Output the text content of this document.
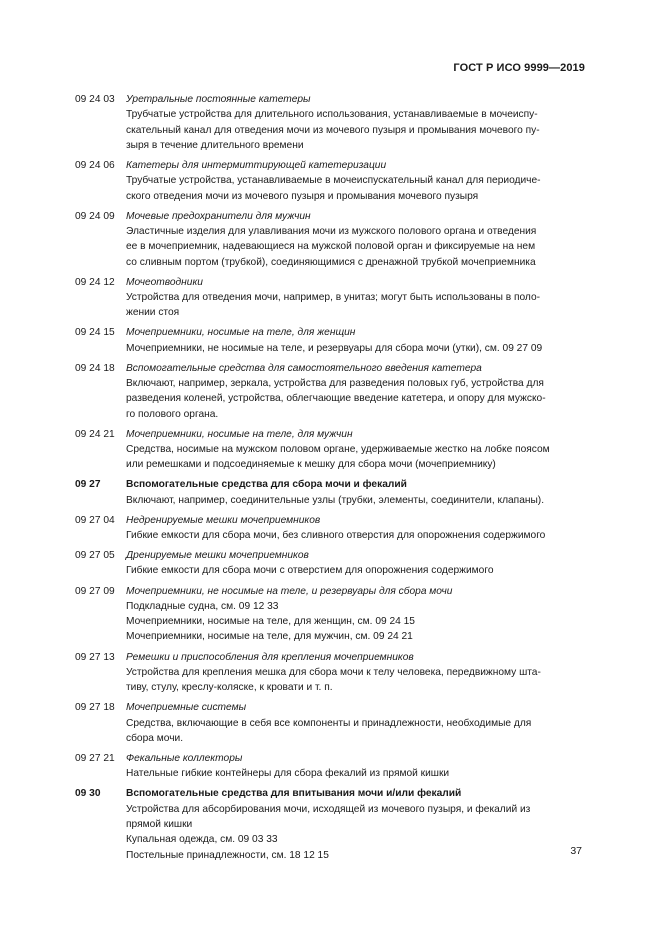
ГОСТ Р ИСО 9999—2019
09 24 03	Уретральные постоянные катетеры
Трубчатые устройства для длительного использования, устанавливаемые в мочеиспу-
скательный канал для отведения мочи из мочевого пузыря и промывания мочевого пу-
зыря в течение длительного времени
09 24 06	Катетеры для интермиттирующей катетеризации
Трубчатые устройства, устанавливаемые в мочеиспускательный канал для периодиче-
ского отведения мочи из мочевого пузыря и промывания мочевого пузыря
09 24 09	Мочевые предохранители для мужчин
Эластичные изделия для улавливания мочи из мужского полового органа и отведения
ее в мочеприемник, надевающиеся на мужской половой орган и фиксируемые на нем
со сливным портом (трубкой), соединяющимися с дренажной трубкой мочеприемника
09 24 12	Мочеотводники
Устройства для отведения мочи, например, в унитаз; могут быть использованы в поло-
жении стоя
09 24 15	Мочеприемники, носимые на теле, для женщин
Мочеприемники, не носимые на теле, и резервуары для сбора мочи (утки), см. 09 27 09
09 24 18	Вспомогательные средства для самостоятельного введения катетера
Включают, например, зеркала, устройства для разведения половых губ, устройства для
разведения коленей, устройства, облегчающие введение катетера, и опору для мужско-
го полового органа.
09 24 21	Мочеприемники, носимые на теле, для мужчин
Средства, носимые на мужском половом органе, удерживаемые жестко на лобке поясом
или ремешками и подсоединяемые к мешку для сбора мочи (мочеприемнику)
09 27	Вспомогательные средства для сбора мочи и фекалий
Включают, например, соединительные узлы (трубки, элементы, соединители, клапаны).
09 27 04	Недренируемые мешки мочеприемников
Гибкие емкости для сбора мочи, без сливного отверстия для опорожнения содержимого
09 27 05	Дренируемые мешки мочеприемников
Гибкие емкости для сбора мочи с отверстием для опорожнения содержимого
09 27 09	Мочеприемники, не носимые на теле, и резервуары для сбора мочи
Подкладные судна, см. 09 12 33
Мочеприемники, носимые на теле, для женщин, см. 09 24 15
Мочеприемники, носимые на теле, для мужчин, см. 09 24 21
09 27 13	Ремешки и приспособления для крепления мочеприемников
Устройства для крепления мешка для сбора мочи к телу человека, передвижному шта-
тиву, стулу, креслу-коляске, к кровати и т. п.
09 27 18	Мочеприемные системы
Средства, включающие в себя все компоненты и принадлежности, необходимые для
сбора мочи.
09 27 21	Фекальные коллекторы
Нательные гибкие контейнеры для сбора фекалий из прямой кишки
09 30	Вспомогательные средства для впитывания мочи и/или фекалий
Устройства для абсорбирования мочи, исходящей из мочевого пузыря, и фекалий из
прямой кишки
Купальная одежда, см. 09 03 33
Постельные принадлежности, см. 18 12 15	37
